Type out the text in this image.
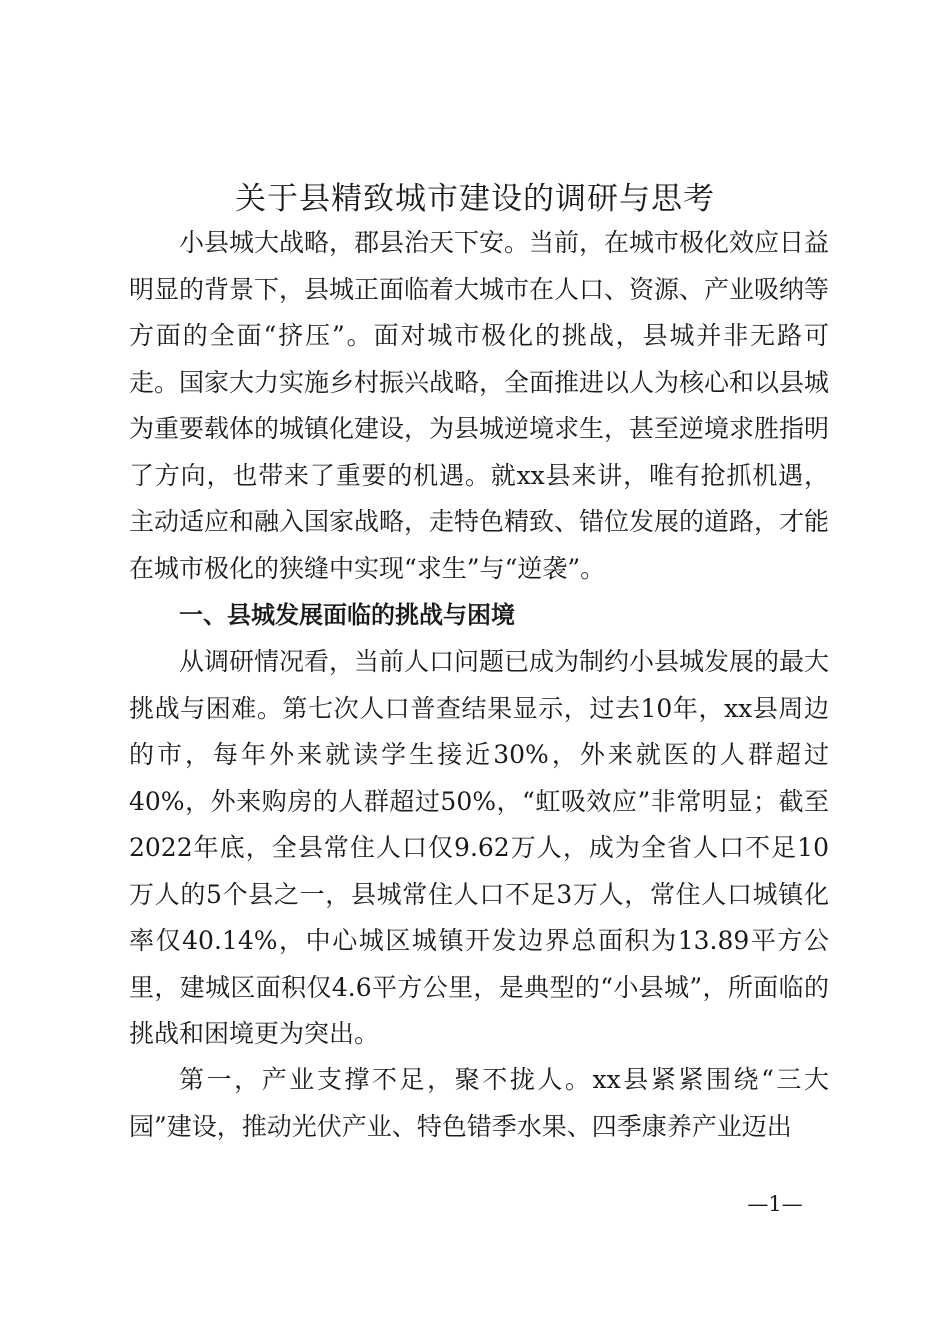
关于县精致城市建设的调研与思考

小县城大战略，郡县治天下安。当前，在城市极化效应日益明显的背景下，县城正面临着大城市在人口、资源、产业吸纳等方面的全面“挤压”。面对城市极化的挑战，县城并非无路可走。国家大力实施乡村振兴战略，全面推进以人为核心和以县城为重要载体的城镇化建设，为县城逆境求生，甚至逆境求胜指明了方向，也带来了重要的机遇。就xx县来讲，唯有抢抓机遇，主动适应和融入国家战略，走特色精致、错位发展的道路，才能在城市极化的狭缝中实现“求生”与“逆袭”。

一、县城发展面临的挑战与困境

从调研情况看，当前人口问题已成为制约小县城发展的最大挑战与困难。第七次人口普查结果显示，过去10年，xx县周边的市，每年外来就读学生接近30%，外来就医的人群超过40%，外来购房的人群超过50%，“虹吸效应”非常明显；截至2022年底，全县常住人口仅9.62万人，成为全省人口不足10万人的5个县之一，县城常住人口不足3万人，常住人口城镇化率仅40.14%，中心城区城镇开发边界总面积为13.89平方公里，建城区面积仅4.6平方公里，是典型的“小县城”，所面临的挑战和困境更为突出。

第一，产业支撑不足，聚不拢人。xx县紧紧围绕“三大园”建设，推动光伏产业、特色错季水果、四季康养产业迈出

—1—
